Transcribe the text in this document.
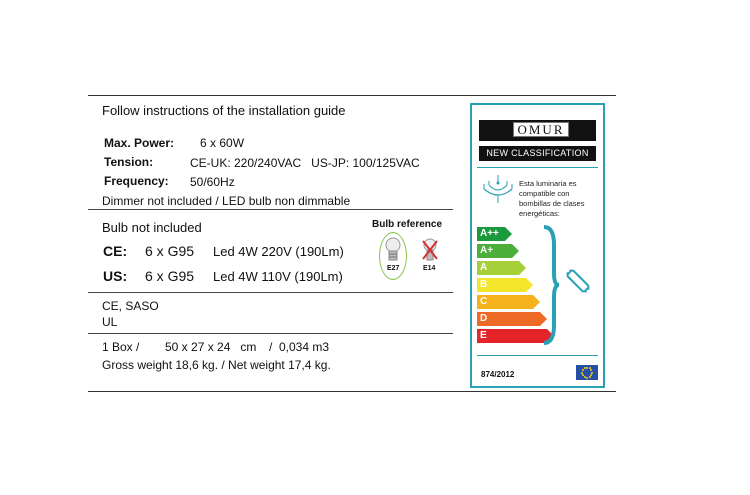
Follow instructions of the installation guide
Max. Power: 6 x 60W
Tension:	CE-UK: 220/240VAC   US-JP: 100/125VAC
Frequency: 50/60Hz
Dimmer not included / LED bulb non dimmable
Bulb not included	Bulb reference
CE: 6 x G95 Led 4W 220V (190Lm)
US: 6 x G95 Led 4W 110V (190Lm)
E27	E14
CE, SASO
UL
1 Box / 50 x 27 x 24   cm /  0,034 m3
Gross weight 18,6 kg. / Net weight 17,4 kg.
OMUR
NEW CLASSIFICATION
Esta luminaria es compatible con bombillas de clases energéticas:
A++
A+
A
B
C
D
E
874/2012
